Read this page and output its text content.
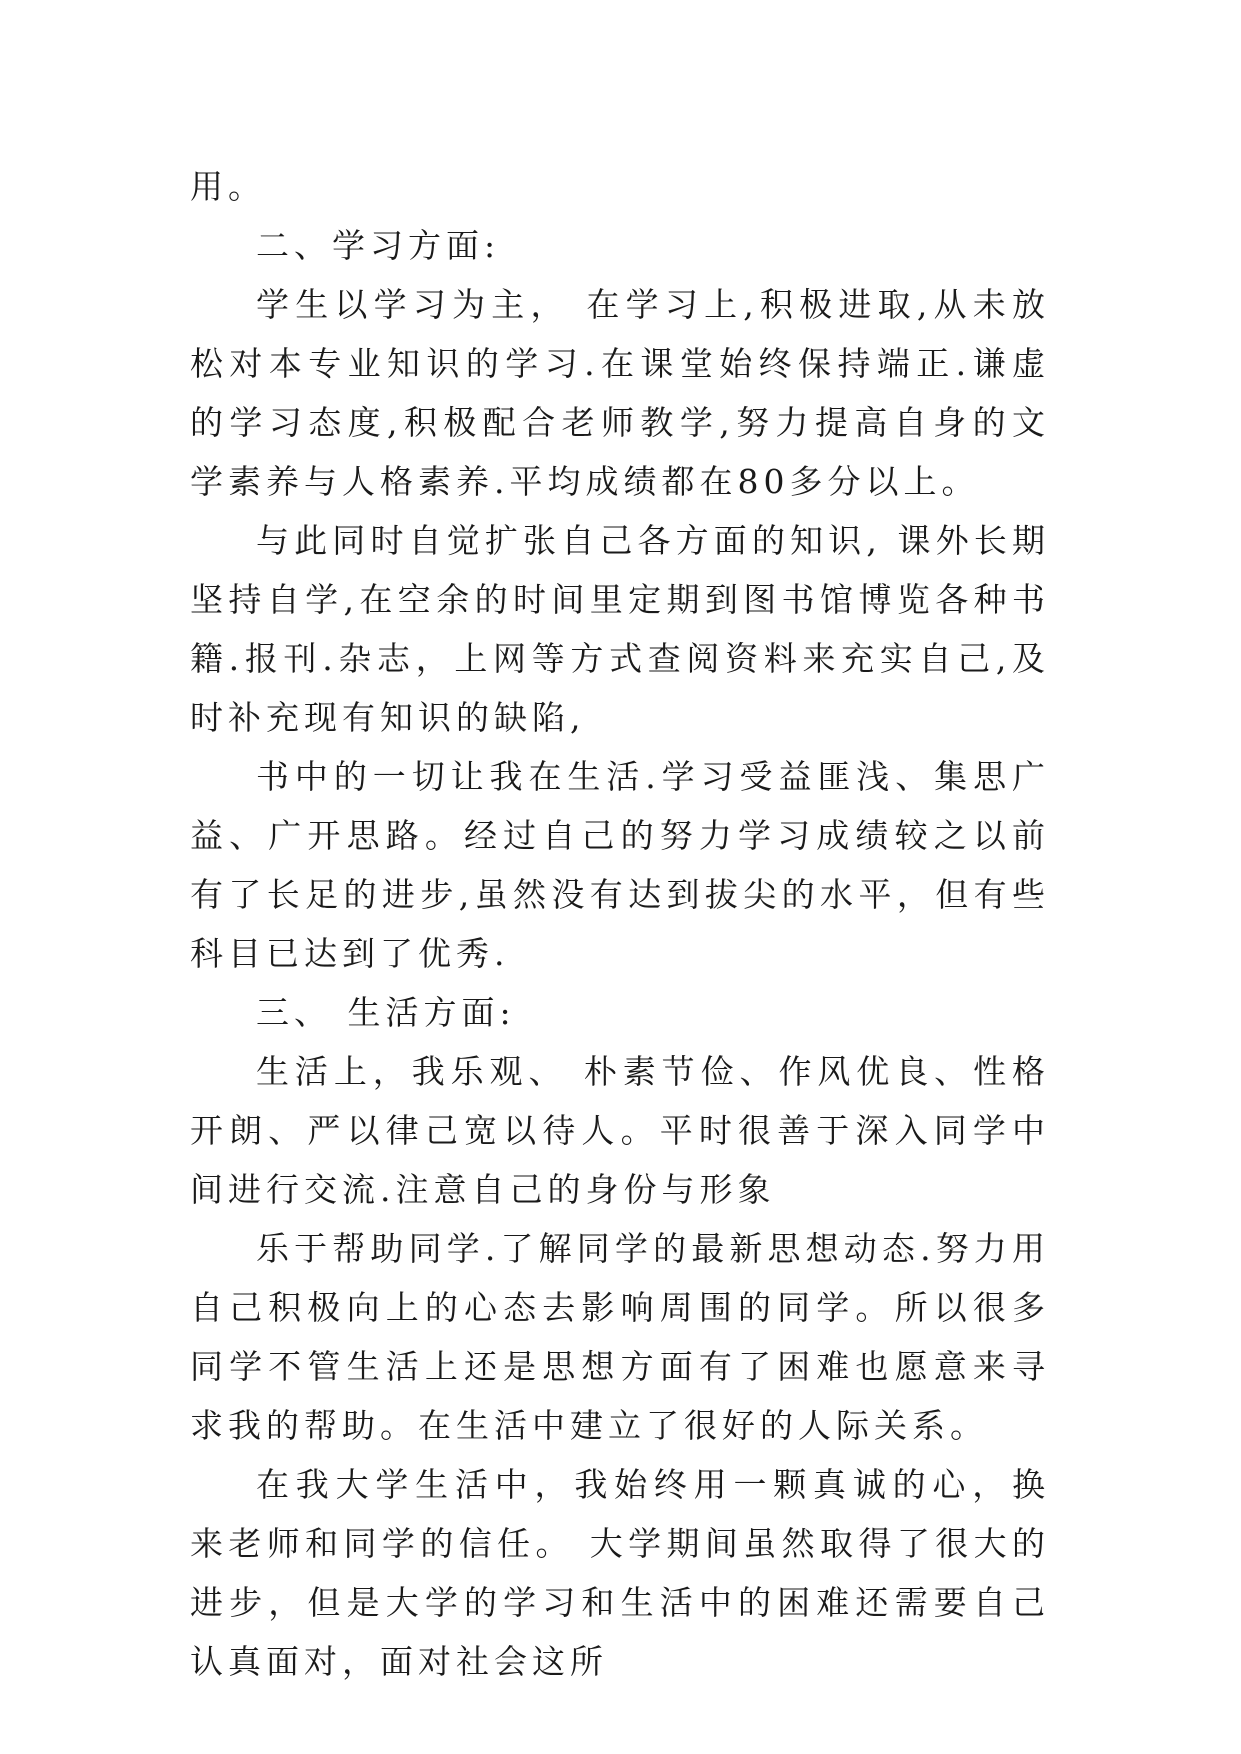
用。

二、学习方面:

学生以学习为主， 在学习上,积极进取,从未放松对本专业知识的学习.在课堂始终保持端正.谦虚的学习态度,积极配合老师教学,努力提高自身的文学素养与人格素养.平均成绩都在80多分以上。

与此同时自觉扩张自己各方面的知识, 课外长期坚持自学,在空余的时间里定期到图书馆博览各种书籍.报刊.杂志，上网等方式查阅资料来充实自己,及时补充现有知识的缺陷,

书中的一切让我在生活.学习受益匪浅、集思广益、广开思路。经过自己的努力学习成绩较之以前有了长足的进步,虽然没有达到拔尖的水平，但有些科目已达到了优秀.

三、 生活方面:

生活上，我乐观、 朴素节俭、作风优良、性格开朗、严以律己宽以待人。平时很善于深入同学中间进行交流.注意自己的身份与形象

乐于帮助同学.了解同学的最新思想动态.努力用自己积极向上的心态去影响周围的同学。所以很多同学不管生活上还是思想方面有了困难也愿意来寻求我的帮助。在生活中建立了很好的人际关系。

在我大学生活中，我始终用一颗真诚的心，换来老师和同学的信任。 大学期间虽然取得了很大的进步，但是大学的学习和生活中的困难还需要自己认真面对，面对社会这所
